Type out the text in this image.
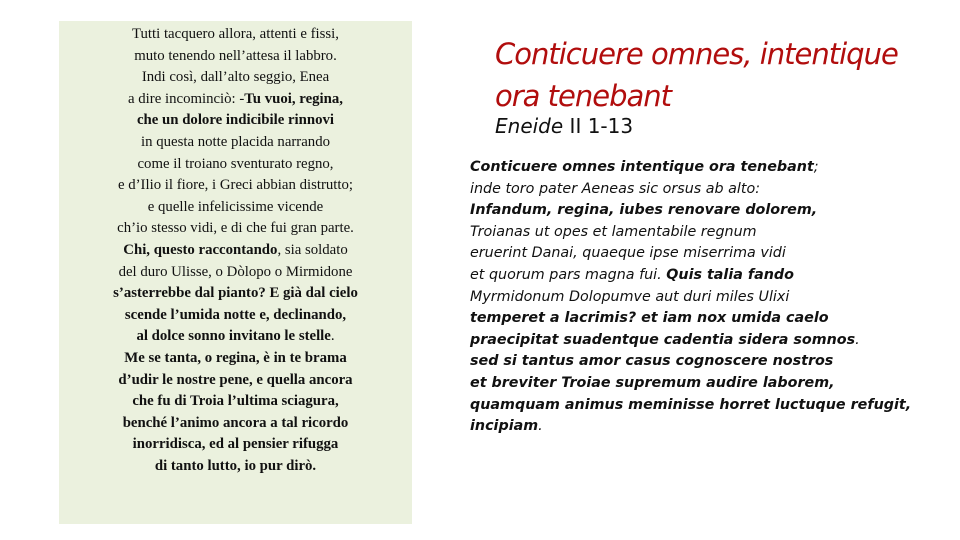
Tutti tacquero allora, attenti e fissi,
muto tenendo nell’attesa il labbro.
Indi così, dall’alto seggio, Enea
a dire incominciò: -Tu vuoi, regina,
che un dolore indicibile rinnovi
in questa notte placida narrando
come il troiano sventurato regno,
e d’Ilio il fiore, i Greci abbian distrutto;
e quelle infelicissime vicende
ch’io stesso vidi, e di che fui gran parte.
Chi, questo raccontando, sia soldato
del duro Ulisse, o Dòlopo o Mirmidone
s’asterrebbe dal pianto? E già dal cielo
scende l’umida notte e, declinando,
al dolce sonno invitano le stelle.
Me se tanta, o regina, è in te brama
d’udir le nostre pene, e quella ancora
che fu di Troia l’ultima sciagura,
benché l’animo ancora a tal ricordo
inorridisca, ed al pensier rifugga
di tanto lutto, io pur dirò.
Conticuere omnes, intentique
ora tenebant
Eneide II 1-13
Conticuere omnes intentique ora tenebant;
inde toro pater Aeneas sic orsus ab alto:
Infandum, regina, iubes renovare dolorem,
Troianas ut opes et lamentabile regnum
eruerint Danai, quaeque ipse miserrima vidi
et quorum pars magna fui. Quis talia fando
Myrmidonum Dolopumve aut duri miles Ulixi
temperet a lacrimis? et iam nox umida caelo
praecipitat suadentque cadentia sidera somnos.
sed si tantus amor casus cognoscere nostros
et breviter Troiae supremum audire laborem,
quamquam animus meminisse horret luctuque refugit,
incipiam.
